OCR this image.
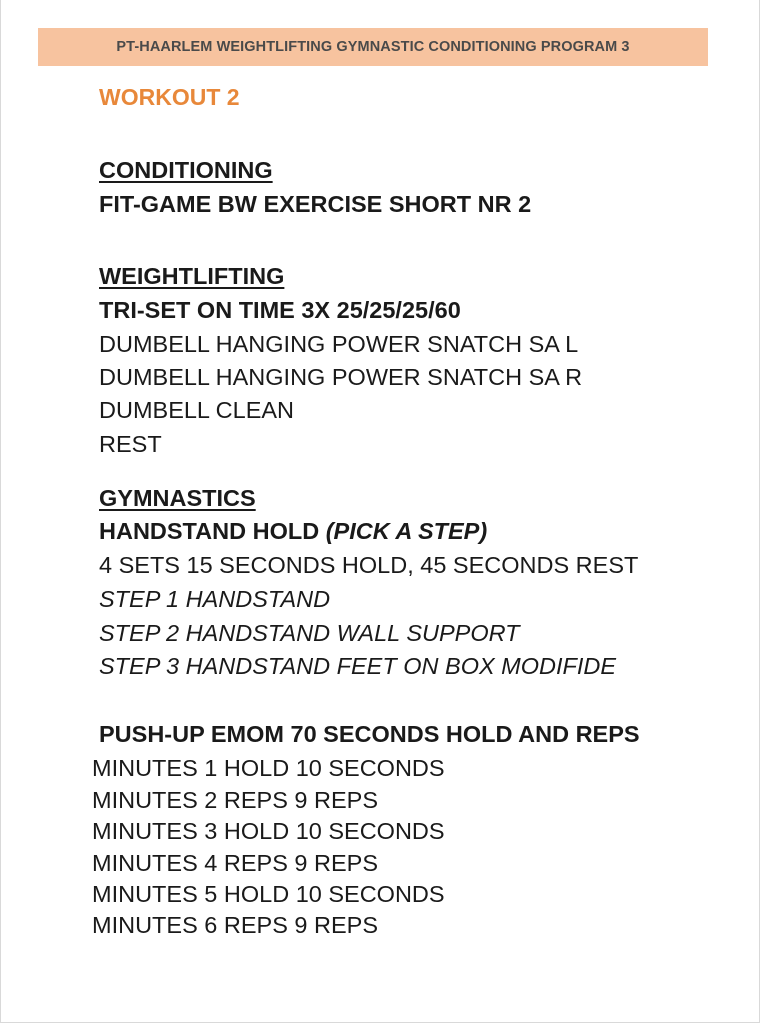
PT-HAARLEM WEIGHTLIFTING GYMNASTIC CONDITIONING PROGRAM 3
WORKOUT 2
CONDITIONING
FIT-GAME BW EXERCISE SHORT NR 2
WEIGHTLIFTING
TRI-SET ON TIME 3X 25/25/25/60
DUMBELL HANGING POWER SNATCH SA L
DUMBELL HANGING POWER SNATCH SA R
DUMBELL CLEAN
REST
GYMNASTICS
HANDSTAND HOLD (PICK A STEP)
4 SETS 15 SECONDS HOLD, 45 SECONDS REST
STEP 1 HANDSTAND
STEP 2 HANDSTAND WALL SUPPORT
STEP 3 HANDSTAND FEET ON BOX MODIFIDE
PUSH-UP EMOM 70 SECONDS HOLD AND REPS
MINUTES 1 HOLD 10 SECONDS
MINUTES 2 REPS 9 REPS
MINUTES 3 HOLD 10 SECONDS
MINUTES 4 REPS 9 REPS
MINUTES 5 HOLD 10 SECONDS
MINUTES 6 REPS 9 REPS
